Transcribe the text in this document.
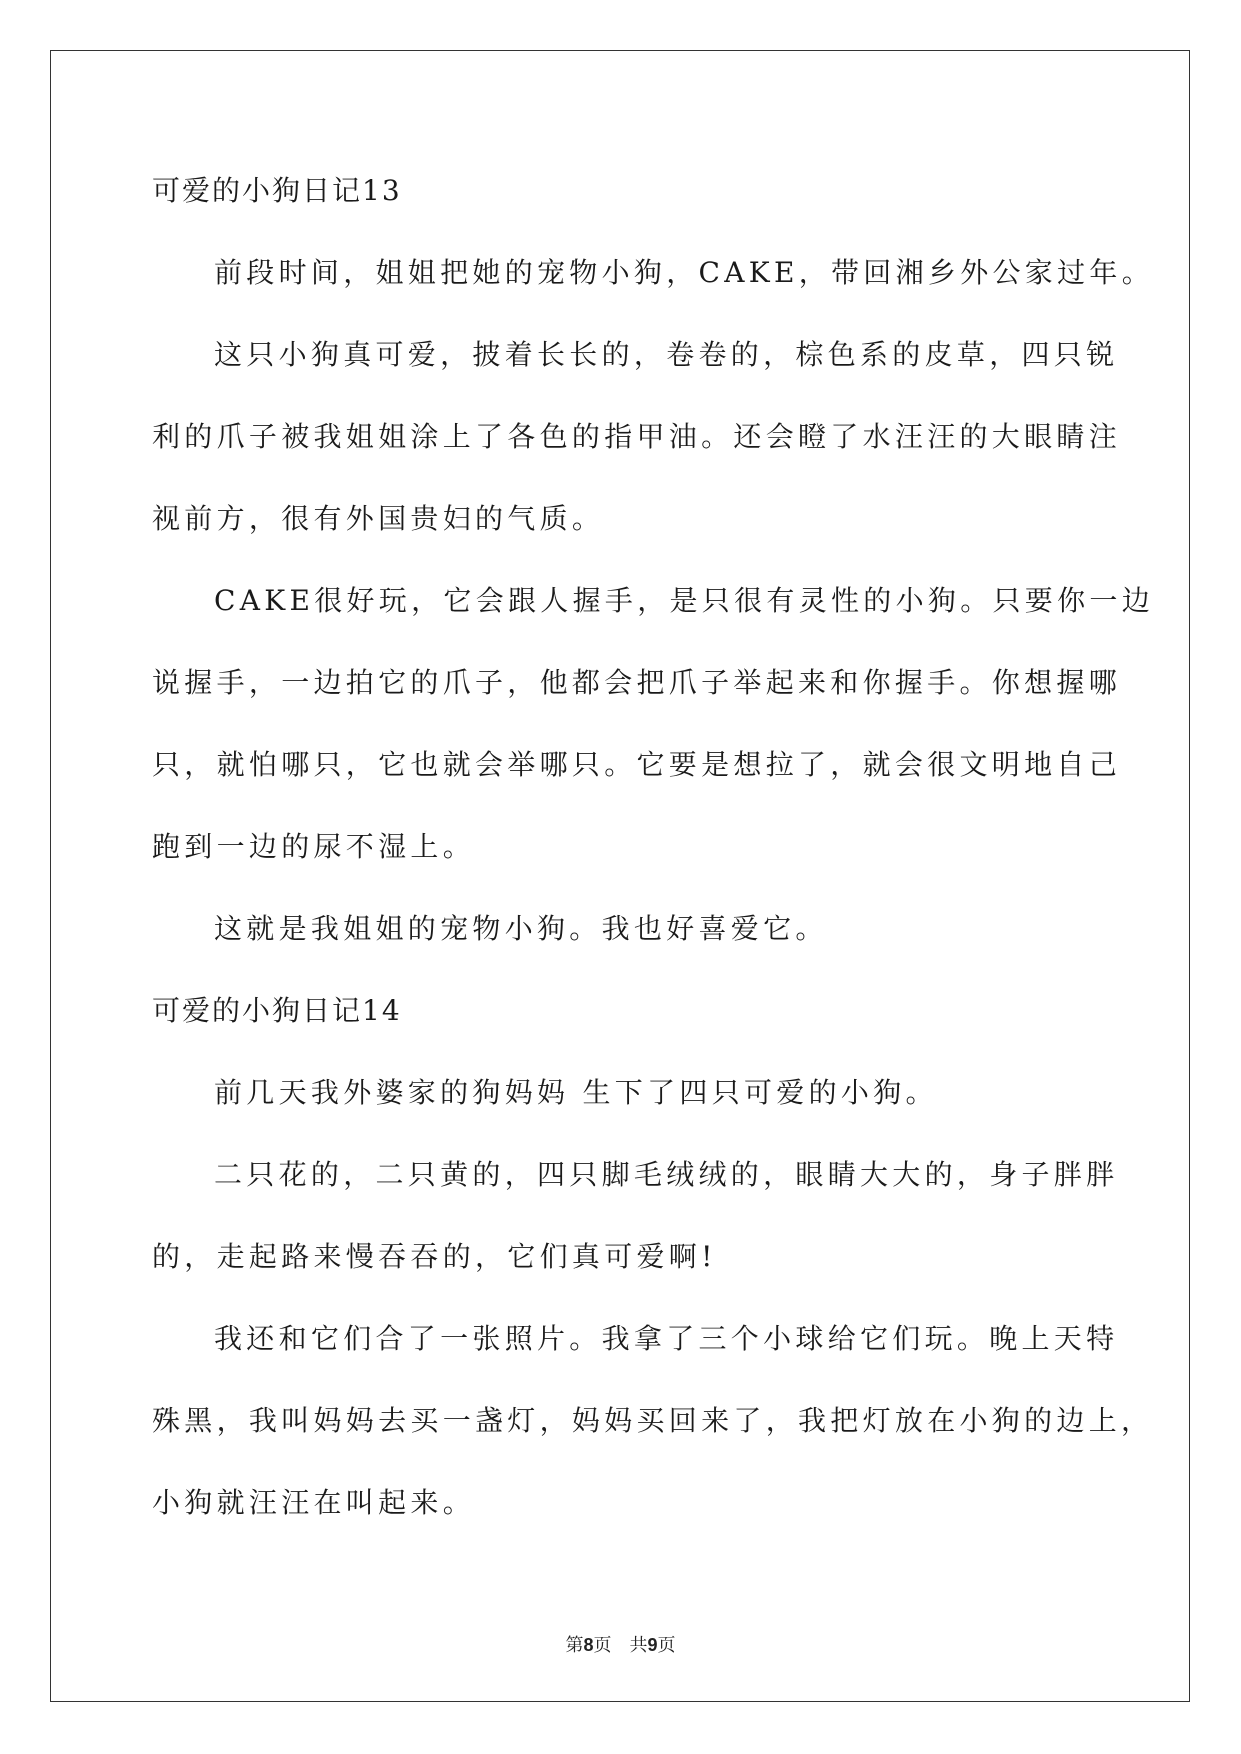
可爱的小狗日记13
前段时间，姐姐把她的宠物小狗，CAKE，带回湘乡外公家过年。
这只小狗真可爱，披着长长的，卷卷的，棕色系的皮草，四只锐
利的爪子被我姐姐涂上了各色的指甲油。还会瞪了水汪汪的大眼睛注
视前方，很有外国贵妇的气质。
CAKE很好玩，它会跟人握手，是只很有灵性的小狗。只要你一边
说握手，一边拍它的爪子，他都会把爪子举起来和你握手。你想握哪
只，就怕哪只，它也就会举哪只。它要是想拉了，就会很文明地自己
跑到一边的尿不湿上。
这就是我姐姐的宠物小狗。我也好喜爱它。
可爱的小狗日记14
前几天我外婆家的狗妈妈 生下了四只可爱的小狗。
二只花的，二只黄的，四只脚毛绒绒的，眼睛大大的，身子胖胖
的，走起路来慢吞吞的，它们真可爱啊!
我还和它们合了一张照片。我拿了三个小球给它们玩。晚上天特
殊黑，我叫妈妈去买一盏灯，妈妈买回来了，我把灯放在小狗的边上，
小狗就汪汪在叫起来。
第8页 共9页
